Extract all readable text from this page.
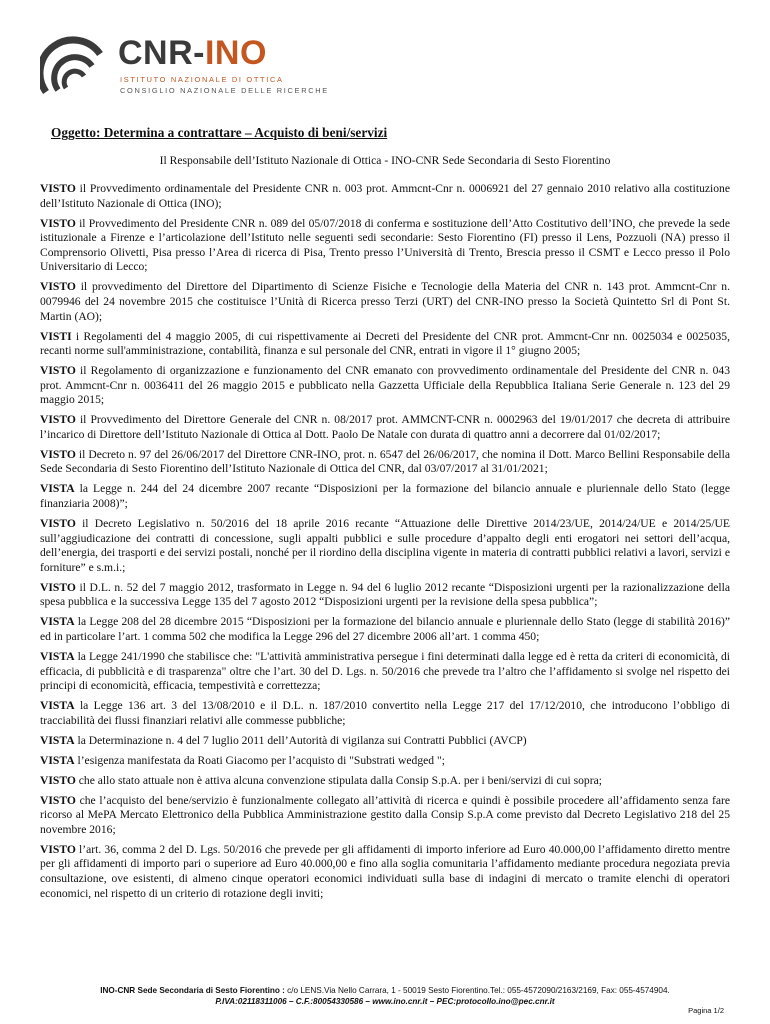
CNR-INO
ISTITUTO NAZIONALE DI OTTICA
CONSIGLIO NAZIONALE DELLE RICERCHE
Oggetto: Determina a contrattare – Acquisto di beni/servizi
Il Responsabile dell’Istituto Nazionale di Ottica - INO-CNR Sede Secondaria di Sesto Fiorentino

VISTO il Provvedimento ordinamentale del Presidente CNR n. 003 prot. Ammcnt-Cnr n. 0006921 del 27 gennaio 2010 relativo alla costituzione dell’Istituto Nazionale di Ottica (INO);

VISTO il Provvedimento del Presidente CNR n. 089 del 05/07/2018 di conferma e sostituzione dell’Atto Costitutivo dell’INO, che prevede la sede istituzionale a Firenze e l’articolazione dell’Istituto nelle seguenti sedi secondarie: Sesto Fiorentino (FI) presso il Lens, Pozzuoli (NA) presso il Comprensorio Olivetti, Pisa presso l’Area di ricerca di Pisa, Trento presso l’Università di Trento, Brescia presso il CSMT e Lecco presso il Polo Universitario di Lecco;

VISTO il provvedimento del Direttore del Dipartimento di Scienze Fisiche e Tecnologie della Materia del CNR n. 143 prot. Ammcnt-Cnr n. 0079946 del 24 novembre 2015 che costituisce l’Unità di Ricerca presso Terzi (URT) del CNR-INO presso la Società Quintetto Srl di Pont St. Martin (AO);

VISTI i Regolamenti del 4 maggio 2005, di cui rispettivamente ai Decreti del Presidente del CNR prot. Ammcnt-Cnr nn. 0025034 e 0025035, recanti norme sull'amministrazione, contabilità, finanza e sul personale del CNR, entrati in vigore il 1° giugno 2005;

VISTO il Regolamento di organizzazione e funzionamento del CNR emanato con provvedimento ordinamentale del Presidente del CNR n. 043 prot. Ammcnt-Cnr n. 0036411 del 26 maggio 2015 e pubblicato nella Gazzetta Ufficiale della Repubblica Italiana Serie Generale n. 123 del 29 maggio 2015;

VISTO il Provvedimento del Direttore Generale del CNR n. 08/2017 prot. AMMCNT-CNR n. 0002963 del 19/01/2017 che decreta di attribuire l’incarico di Direttore dell’Istituto Nazionale di Ottica al Dott. Paolo De Natale con durata di quattro anni a decorrere dal 01/02/2017;

VISTO il Decreto n. 97 del 26/06/2017 del Direttore CNR-INO, prot. n. 6547 del 26/06/2017, che nomina il Dott. Marco Bellini Responsabile della Sede Secondaria di Sesto Fiorentino dell’Istituto Nazionale di Ottica del CNR, dal 03/07/2017 al 31/01/2021;

VISTA la Legge n. 244 del 24 dicembre 2007 recante “Disposizioni per la formazione del bilancio annuale e pluriennale dello Stato (legge finanziaria 2008)”;

VISTO il Decreto Legislativo n. 50/2016 del 18 aprile 2016 recante “Attuazione delle Direttive 2014/23/UE, 2014/24/UE e 2014/25/UE sull’aggiudicazione dei contratti di concessione, sugli appalti pubblici e sulle procedure d’appalto degli enti erogatori nei settori dell’acqua, dell’energia, dei trasporti e dei servizi postali, nonché per il riordino della disciplina vigente in materia di contratti pubblici relativi a lavori, servizi e forniture” e s.m.i.;

VISTO il D.L. n. 52 del 7 maggio 2012, trasformato in Legge n. 94 del 6 luglio 2012 recante “Disposizioni urgenti per la razionalizzazione della spesa pubblica e la successiva Legge 135 del 7 agosto 2012 “Disposizioni urgenti per la revisione della spesa pubblica”;

VISTA la Legge 208 del 28 dicembre 2015 “Disposizioni per la formazione del bilancio annuale e pluriennale dello Stato (legge di stabilità 2016)” ed in particolare l’art. 1 comma 502 che modifica la Legge 296 del 27 dicembre 2006 all’art. 1 comma 450;

VISTA la Legge 241/1990 che stabilisce che: "L'attività amministrativa persegue i fini determinati dalla legge ed è retta da criteri di economicità, di efficacia, di pubblicità e di trasparenza" oltre che l’art. 30 del D. Lgs. n. 50/2016 che prevede tra l’altro che l’affidamento si svolge nel rispetto dei principi di economicità, efficacia, tempestività e correttezza;

VISTA la Legge 136 art. 3 del 13/08/2010 e il D.L. n. 187/2010 convertito nella Legge 217 del 17/12/2010, che introducono l’obbligo di tracciabilità dei flussi finanziari relativi alle commesse pubbliche;

VISTA la Determinazione n. 4 del 7 luglio 2011 dell’Autorità di vigilanza sui Contratti Pubblici (AVCP)

VISTA l’esigenza manifestata da Roati Giacomo per l’acquisto di "Substrati wedged ";

VISTO che allo stato attuale non è attiva alcuna convenzione stipulata dalla Consip S.p.A. per i beni/servizi di cui sopra;

VISTO che l’acquisto del bene/servizio è funzionalmente collegato all’attività di ricerca e quindi è possibile procedere all’affidamento senza fare ricorso al MePA Mercato Elettronico della Pubblica Amministrazione gestito dalla Consip S.p.A come previsto dal Decreto Legislativo 218 del 25 novembre 2016;

VISTO l’art. 36, comma 2 del D. Lgs. 50/2016 che prevede per gli affidamenti di importo inferiore ad Euro 40.000,00 l’affidamento diretto mentre per gli affidamenti di importo pari o superiore ad Euro 40.000,00 e fino alla soglia comunitaria l’affidamento mediante procedura negoziata previa consultazione, ove esistenti, di almeno cinque operatori economici individuati sulla base di indagini di mercato o tramite elenchi di operatori economici, nel rispetto di un criterio di rotazione degli inviti;

INO-CNR Sede Secondaria di Sesto Fiorentino : c/o LENS.Via Nello Carrara, 1 - 50019 Sesto Fiorentino.Tel.: 055-4572090/2163/2169, Fax: 055-4574904.
P.IVA:02118311006 – C.F.:80054330586 – www.ino.cnr.it – PEC:protocollo.ino@pec.cnr.it
Pagina 1/2
